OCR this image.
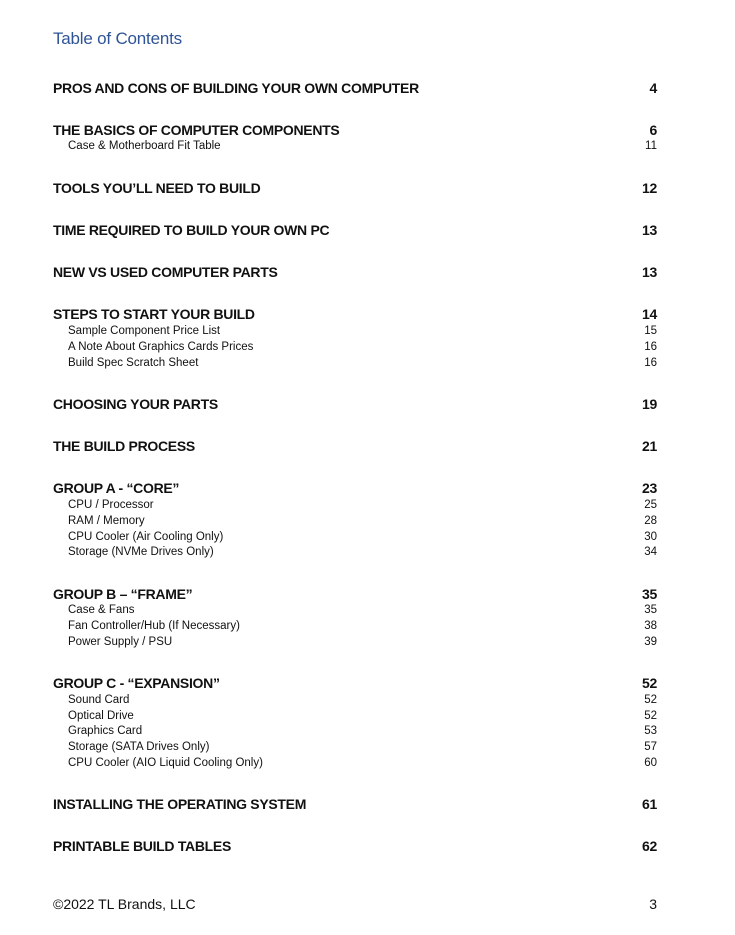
Table of Contents
PROS AND CONS OF BUILDING YOUR OWN COMPUTER	4
THE BASICS OF COMPUTER COMPONENTS	6
Case & Motherboard Fit Table	11
TOOLS YOU’LL NEED TO BUILD	12
TIME REQUIRED TO BUILD YOUR OWN PC	13
NEW VS USED COMPUTER PARTS	13
STEPS TO START YOUR BUILD	14
Sample Component Price List	15
A Note About Graphics Cards Prices	16
Build Spec Scratch Sheet	16
CHOOSING YOUR PARTS	19
THE BUILD PROCESS	21
GROUP A - “CORE”	23
CPU / Processor	25
RAM / Memory	28
CPU Cooler (Air Cooling Only)	30
Storage (NVMe Drives Only)	34
GROUP B – “FRAME”	35
Case & Fans	35
Fan Controller/Hub (If Necessary)	38
Power Supply / PSU	39
GROUP C - “EXPANSION”	52
Sound Card	52
Optical Drive	52
Graphics Card	53
Storage (SATA Drives Only)	57
CPU Cooler (AIO Liquid Cooling Only)	60
INSTALLING THE OPERATING SYSTEM	61
PRINTABLE BUILD TABLES	62
©2022 TL Brands, LLC	3
